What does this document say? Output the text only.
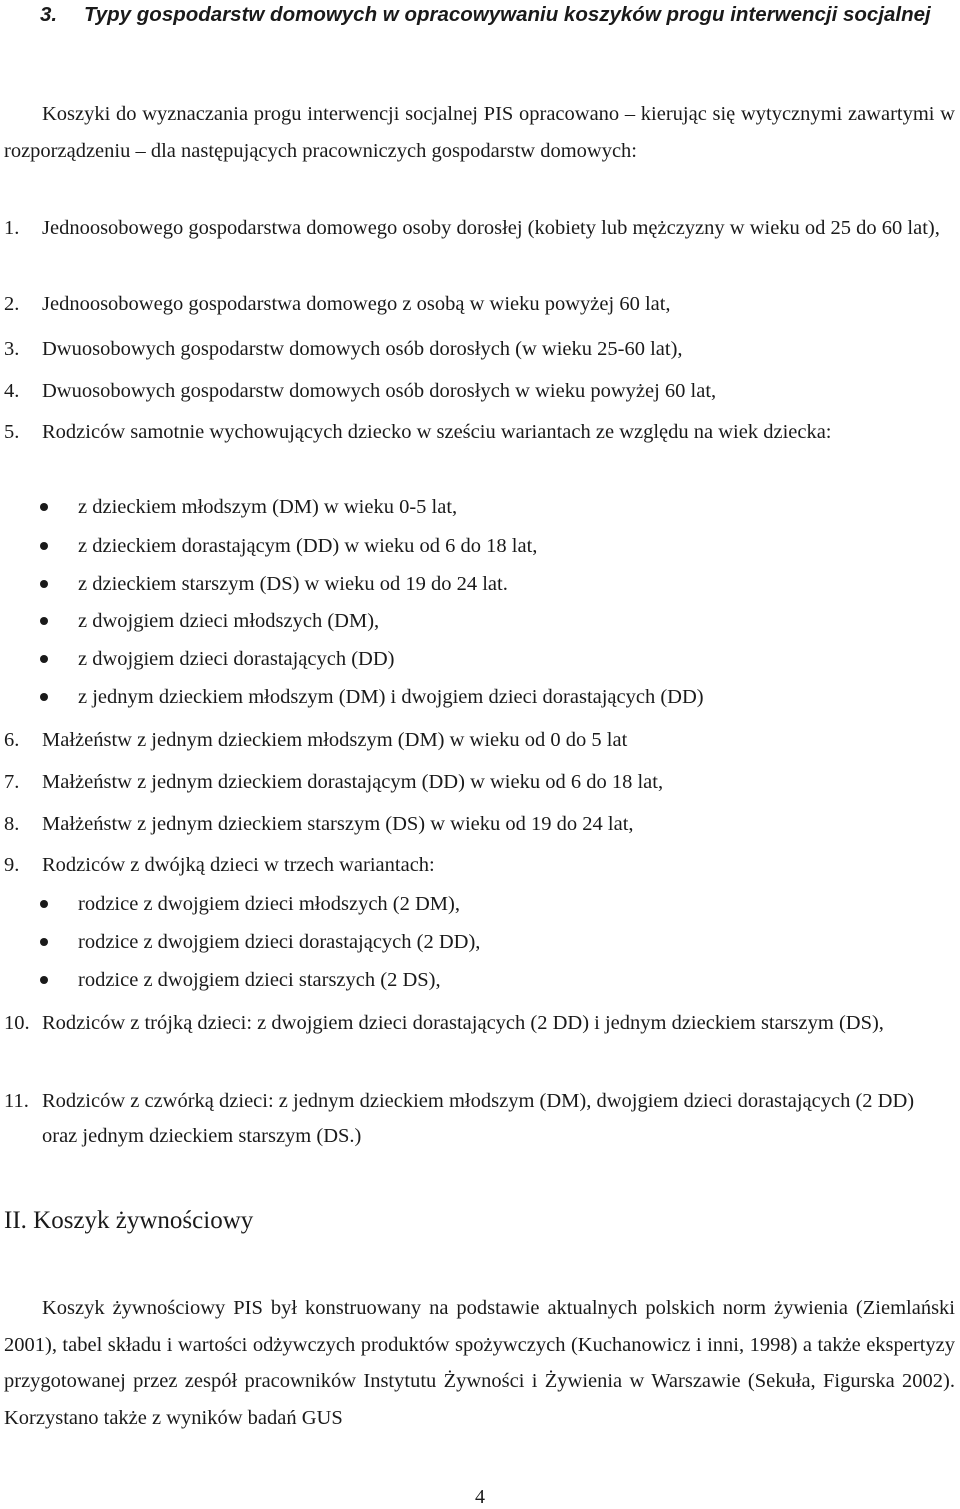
3.	Typy gospodarstw domowych w opracowywaniu koszyków progu interwencji socjalnej
Koszyki do wyznaczania progu interwencji socjalnej PIS opracowano – kierując się wytycznymi zawartymi w rozporządzeniu – dla następujących pracowniczych gospodarstw domowych:
1. Jednoosobowego gospodarstwa domowego osoby dorosłej (kobiety lub mężczyzny w wieku od 25 do 60 lat),
2. Jednoosobowego gospodarstwa domowego z osobą w wieku powyżej 60 lat,
3. Dwuosobowych gospodarstw domowych osób dorosłych (w wieku 25-60 lat),
4. Dwuosobowych gospodarstw domowych osób dorosłych w wieku powyżej 60 lat,
5. Rodziców samotnie wychowujących dziecko w sześciu wariantach ze względu na wiek dziecka:
z dzieckiem młodszym (DM) w wieku 0-5 lat,
z dzieckiem dorastającym (DD) w wieku od 6 do 18 lat,
z dzieckiem starszym (DS) w wieku od 19 do 24 lat.
z dwojgiem dzieci młodszych (DM),
z dwojgiem dzieci dorastających (DD)
z jednym dzieckiem młodszym (DM) i dwojgiem dzieci dorastających (DD)
6. Małżeństw z jednym dzieckiem młodszym (DM) w wieku od 0 do 5 lat
7. Małżeństw z jednym dzieckiem dorastającym (DD) w wieku od 6 do 18 lat,
8. Małżeństw z jednym dzieckiem starszym (DS) w wieku od 19 do 24 lat,
9. Rodziców z dwójką dzieci w trzech wariantach:
rodzice z dwojgiem dzieci młodszych (2 DM),
rodzice z dwojgiem dzieci dorastających (2 DD),
rodzice z dwojgiem dzieci starszych (2 DS),
10. Rodziców z trójką dzieci: z dwojgiem dzieci dorastających (2 DD) i jednym dzieckiem starszym (DS),
11. Rodziców z czwórką dzieci: z jednym dzieckiem młodszym (DM), dwojgiem dzieci dorastających (2 DD) oraz jednym dzieckiem starszym (DS.)
II. Koszyk żywnościowy
Koszyk żywnościowy PIS był konstruowany na podstawie aktualnych polskich norm żywienia (Ziemlański 2001), tabel składu i wartości odżywczych produktów spożywczych (Kuchanowicz i inni, 1998) a także ekspertyzy przygotowanej przez zespół pracowników Instytutu Żywności i Żywienia w Warszawie (Sekuła, Figurska 2002). Korzystano także z wyników badań GUS
4
